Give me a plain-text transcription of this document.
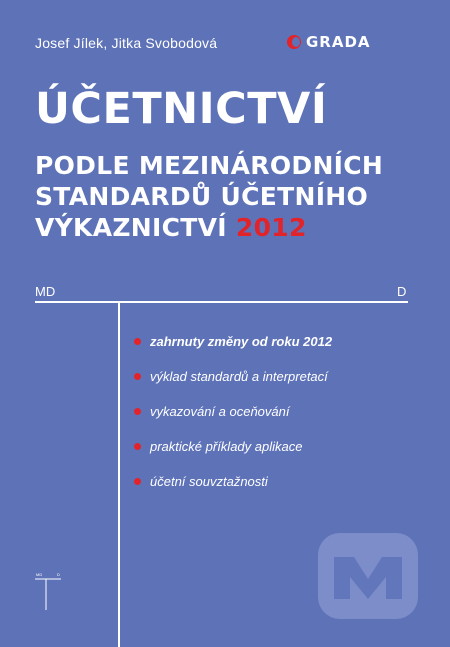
Josef Jílek, Jitka Svobodová	GRADA
ÚČETNICTVÍ
PODLE MEZINÁRODNÍCH
STANDARDŮ ÚČETNÍHO
VÝKAZNICTVÍ 2012
MD	D
zahrnuty změny od roku 2012
výklad standardů a interpretací
vykazování a oceňování
praktické příklady aplikace
účetní souvztažnosti
MD	D
